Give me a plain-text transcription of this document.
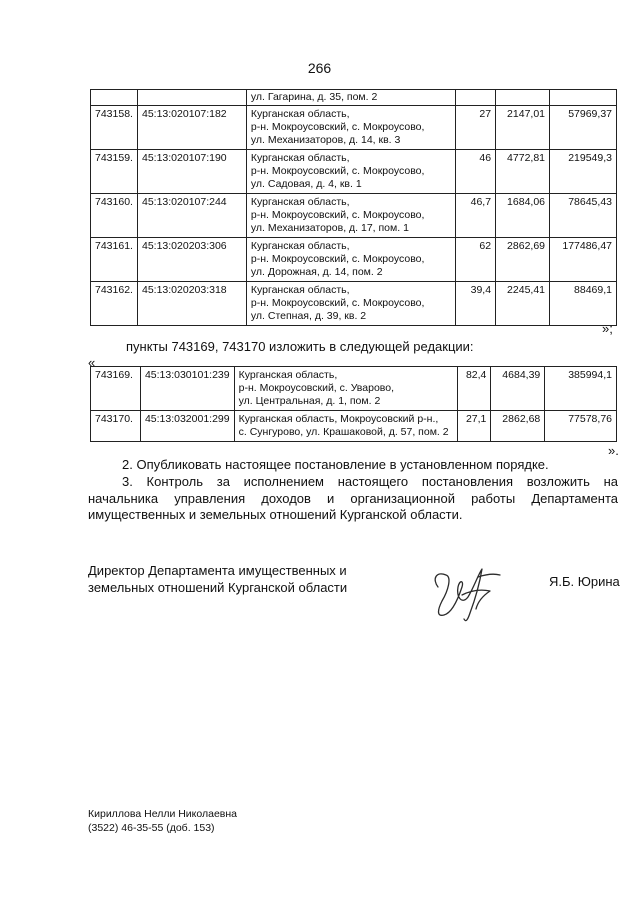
266
		ул. Гагарина, д. 35, пом. 2			
743158.	45:13:020107:182	Курганская область,
р-н. Мокроусовский, с. Мокроусово,
ул. Механизаторов, д. 14, кв. 3	27	2147,01	57969,37
743159.	45:13:020107:190	Курганская область,
р-н. Мокроусовский, с. Мокроусово,
ул. Садовая, д. 4, кв. 1	46	4772,81	219549,3
743160.	45:13:020107:244	Курганская область,
р-н. Мокроусовский, с. Мокроусово,
ул. Механизаторов, д. 17, пом. 1	46,7	1684,06	78645,43
743161.	45:13:020203:306	Курганская область,
р-н. Мокроусовский, с. Мокроусово,
ул. Дорожная, д. 14, пом. 2	62	2862,69	177486,47
743162.	45:13:020203:318	Курганская область,
р-н. Мокроусовский, с. Мокроусово,
ул. Степная, д. 39, кв. 2	39,4	2245,41	88469,1
»;
пункты 743169, 743170 изложить в следующей редакции:
«
743169.	45:13:030101:239	Курганская область,
р-н. Мокроусовский, с. Уварово,
ул. Центральная, д. 1, пом. 2	82,4	4684,39	385994,1
743170.	45:13:032001:299	Курганская область, Мокроусовский р-н.,
с. Сунгурово, ул. Крашаковой, д. 57, пом. 2	27,1	2862,68	77578,76
».
2. Опубликовать настоящее постановление в установленном порядке.
3. Контроль за исполнением настоящего постановления возложить на начальника управления доходов и организационной работы Департамента имущественных и земельных отношений Курганской области.
Директор Департамента имущественных и
земельных отношений Курганской области	Я.Б. Юрина
Кириллова Нелли Николаевна
(3522) 46-35-55 (доб. 153)
